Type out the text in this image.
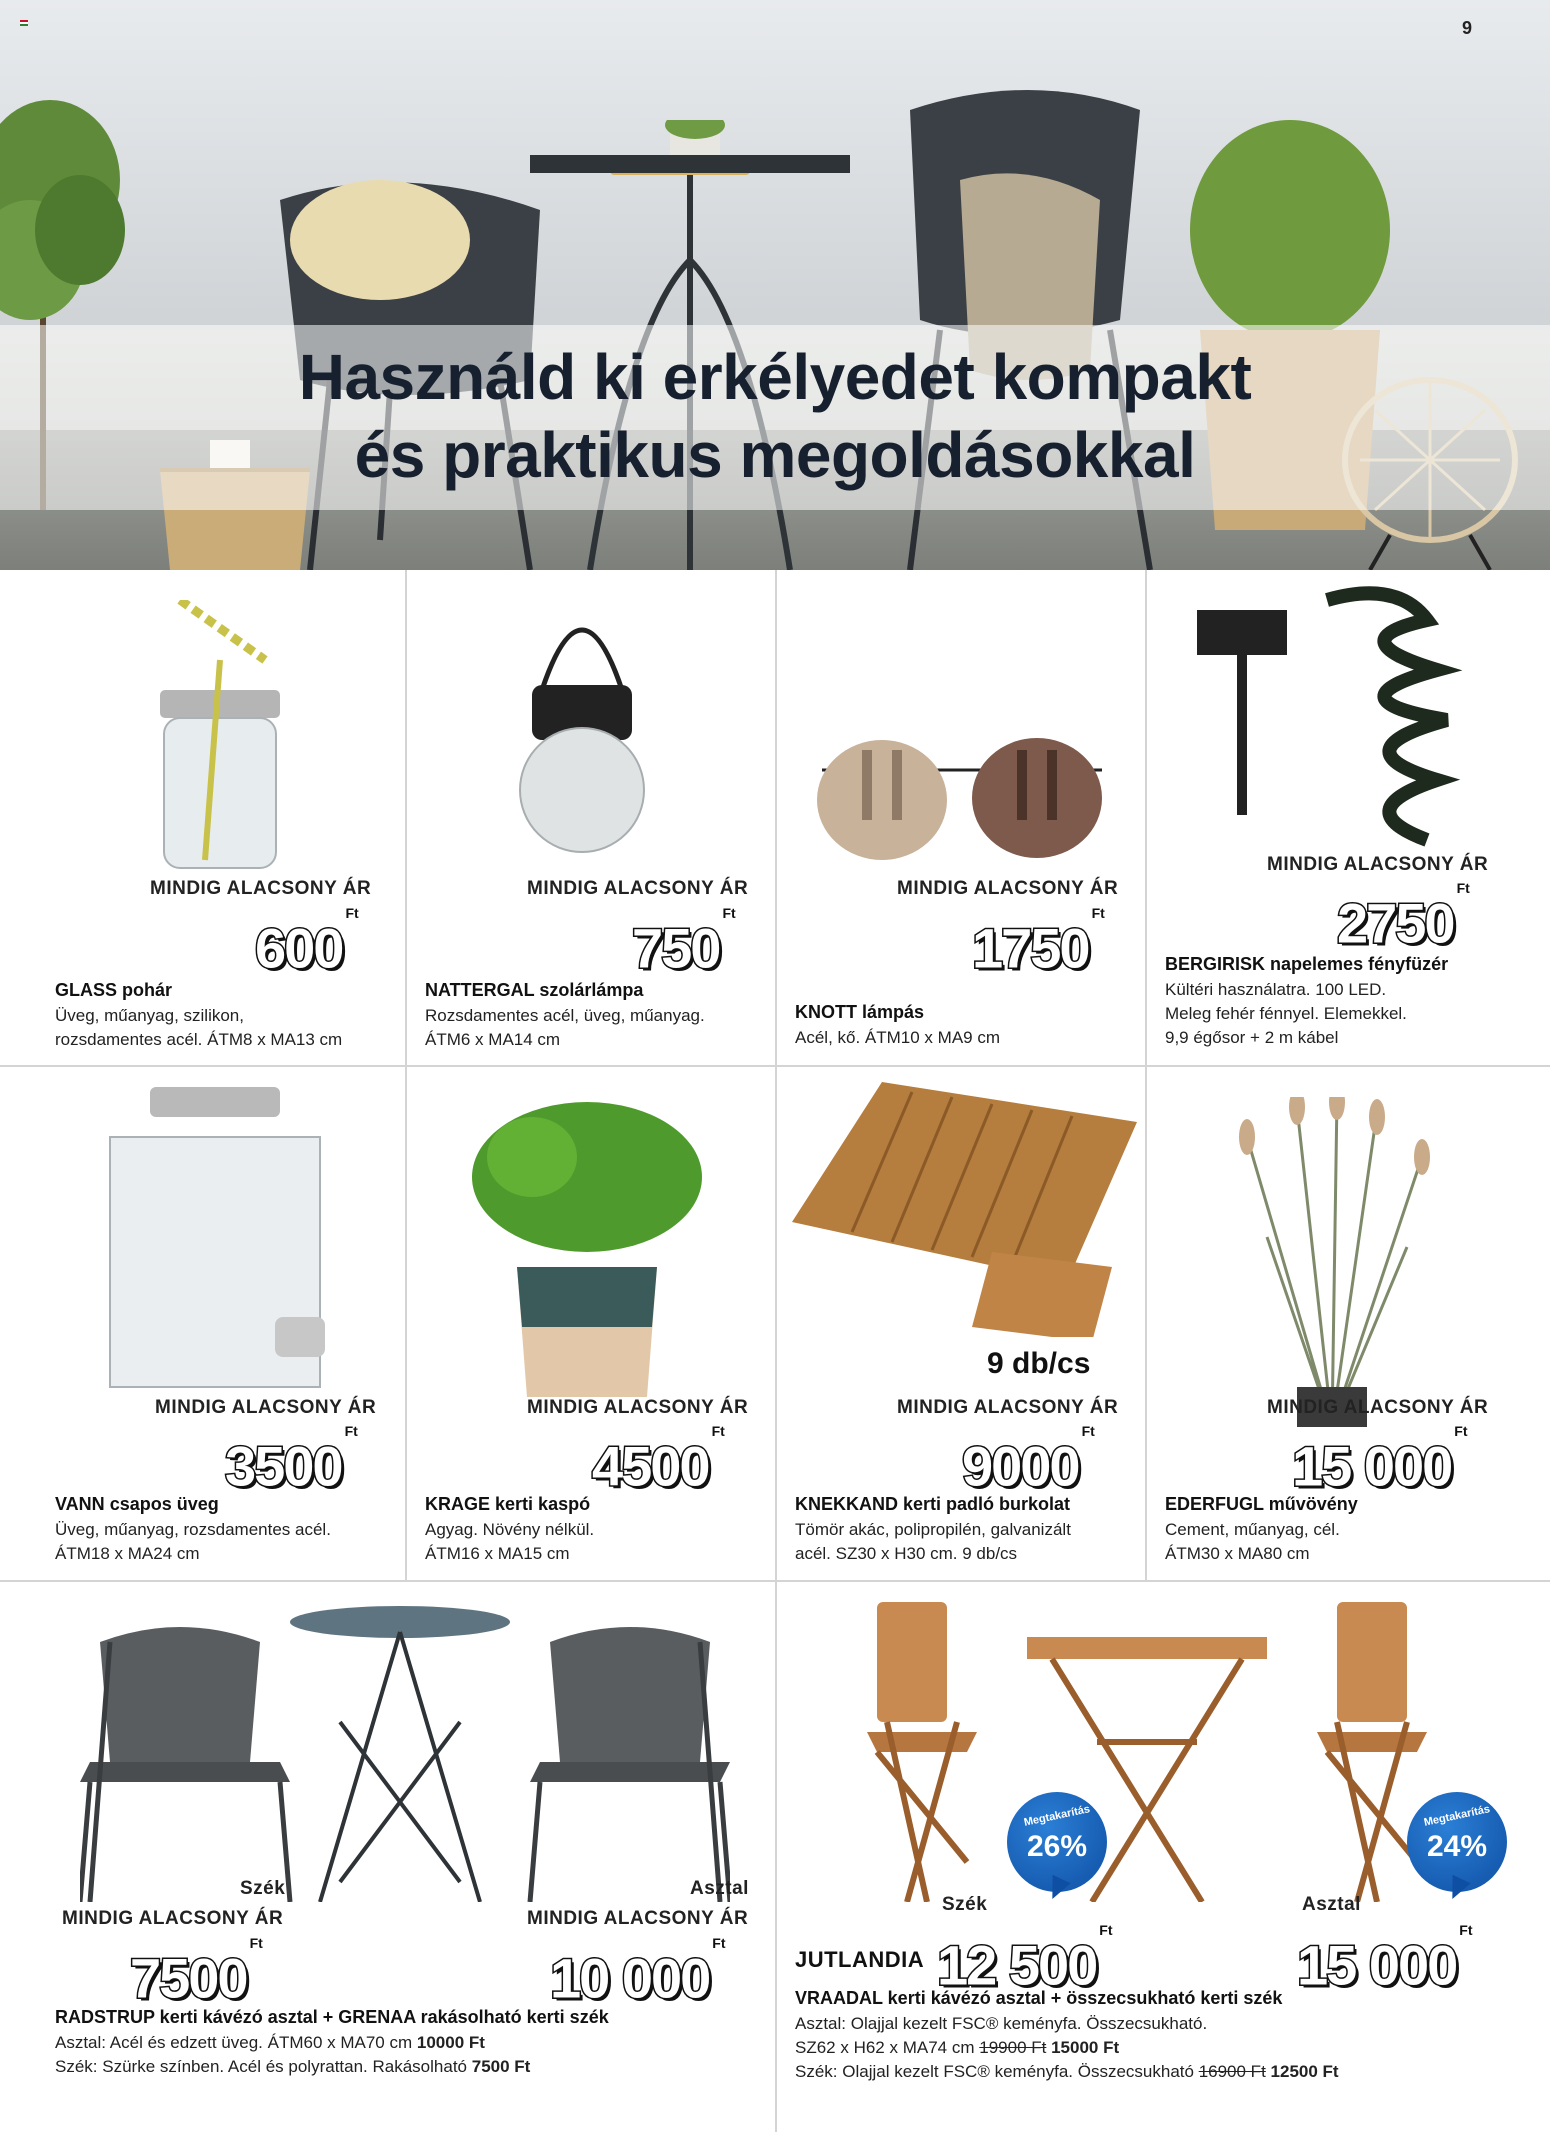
9
Használd ki erkélyedet kompakt
és praktikus megoldásokkal
MINDIG ALACSONY ÁR
$600^{Ft}$
GLASS pohár
Üveg, műanyag, szilikon,
rozsdamentes acél. ÁTM8 x MA13 cm
MINDIG ALACSONY ÁR
$750^{Ft}$
NATTERGAL szolárlámpa
Rozsdamentes acél, üveg, műanyag.
ÁTM6 x MA14 cm
MINDIG ALACSONY ÁR
$1750^{Ft}$
KNOTT lámpás
Acél, kő. ÁTM10 x MA9 cm
MINDIG ALACSONY ÁR
$2750^{Ft}$
BERGIRISK napelemes fényfüzér
Kültéri használatra. 100 LED.
Meleg fehér fénnyel. Elemekkel.
9,9 égősor + 2 m kábel
MINDIG ALACSONY ÁR
$3500^{Ft}$
VANN csapos üveg
Üveg, műanyag, rozsdamentes acél.
ÁTM18 x MA24 cm
MINDIG ALACSONY ÁR
$4500^{Ft}$
KRAGE kerti kaspó
Agyag. Növény nélkül.
ÁTM16 x MA15 cm
9 db/cs
MINDIG ALACSONY ÁR
$9000^{Ft}$
KNEKKAND kerti padló burkolat
Tömör akác, polipropilén, galvanizált
acél. SZ30 x H30 cm. 9 db/cs
MINDIG ALACSONY ÁR
15 $000^{Ft}$
EDERFUGL művövény
Cement, műanyag, cél.
ÁTM30 x MA80 cm
Szék	Asztal
MINDIG ALACSONY ÁR	MINDIG ALACSONY ÁR
$7500^{Ft}$
10 $000^{Ft}$
RADSTRUP kerti kávézó asztal + GRENAA rakásolható kerti szék
Asztal: Acél és edzett üveg. ÁTM60 x MA70 cm 10000 Ft
Szék: Szürke színben. Acél és polyrattan. Rakásolható 7500 Ft
Megtakarítás
26%
Megtakarítás
24%
Szék	Asztal
JUTLANDIA 12 $500^{Ft}$
15 $000^{Ft}$
VRAADAL kerti kávézó asztal + összecsukható kerti szék
Asztal: Olajjal kezelt FSC® keményfa. Összecsukható.
SZ62 x H62 x MA74 cm 19900 Ft 15000 Ft
Szék: Olajjal kezelt FSC® keményfa. Összecsukható 16900 Ft 12500 Ft
